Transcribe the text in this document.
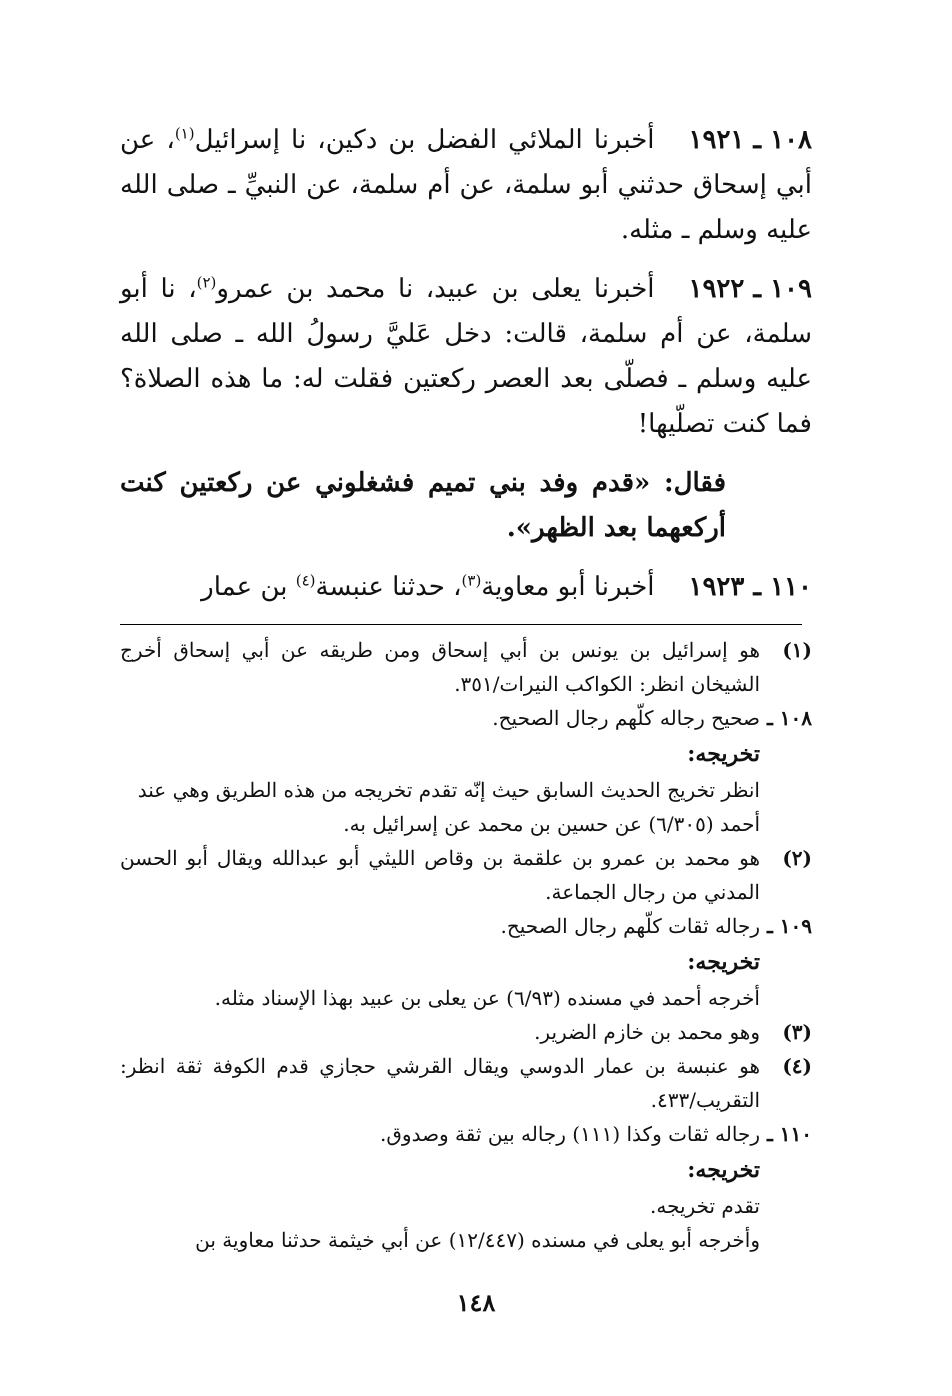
١٠٨ ـ ١٩٢١أخبرنا الملائي الفضل بن دكين، نا إسرائيل$^{(١)}$، عن أبي إسحاق حدثني أبو سلمة، عن أم سلمة، عن النبيِّ ـ صلى الله عليه وسلم ـ مثله.

١٠٩ ـ ١٩٢٢أخبرنا يعلى بن عبيد، نا محمد بن عمرو$^{(٢)}$، نا أبو سلمة، عن أم سلمة، قالت: دخل عَليَّ رسولُ الله ـ صلى الله عليه وسلم ـ فصلّى بعد العصر ركعتين فقلت له: ما هذه الصلاة؟ فما كنت تصلّيها!

فقال: «قدم وفد بني تميم فشغلوني عن ركعتين كنت أركعهما بعد الظهر».

١١٠ ـ ١٩٢٣أخبرنا أبو معاوية$^{(٣)}$، حدثنا عنبسة$^{(٤)}$ بن عمار

(١)
هو إسرائيل بن يونس بن أبي إسحاق ومن طريقه عن أبي إسحاق أخرج الشيخان انظر: الكواكب النيرات/٣٥١.
١٠٨ ـ
صحيح رجاله كلّهم رجال الصحيح.
تخريجه:
انظر تخريج الحديث السابق حيث إنّه تقدم تخريجه من هذه الطريق وهي عند أحمد (٦/٣٠٥) عن حسين بن محمد عن إسرائيل به.
(٢)
هو محمد بن عمرو بن علقمة بن وقاص الليثي أبو عبدالله ويقال أبو الحسن المدني من رجال الجماعة.
١٠٩ ـ
رجاله ثقات كلّهم رجال الصحيح.
تخريجه:
أخرجه أحمد في مسنده (٦/٩٣) عن يعلى بن عبيد بهذا الإسناد مثله.
(٣)
وهو محمد بن خازم الضرير.
(٤)
هو عنبسة بن عمار الدوسي ويقال القرشي حجازي قدم الكوفة ثقة انظر: التقريب/٤٣٣.
١١٠ ـ
رجاله ثقات وكذا (١١١) رجاله بين ثقة وصدوق.
تخريجه:
تقدم تخريجه.
وأخرجه أبو يعلى في مسنده (١٢/٤٤٧) عن أبي خيثمة حدثنا معاوية بن
١٤٨
